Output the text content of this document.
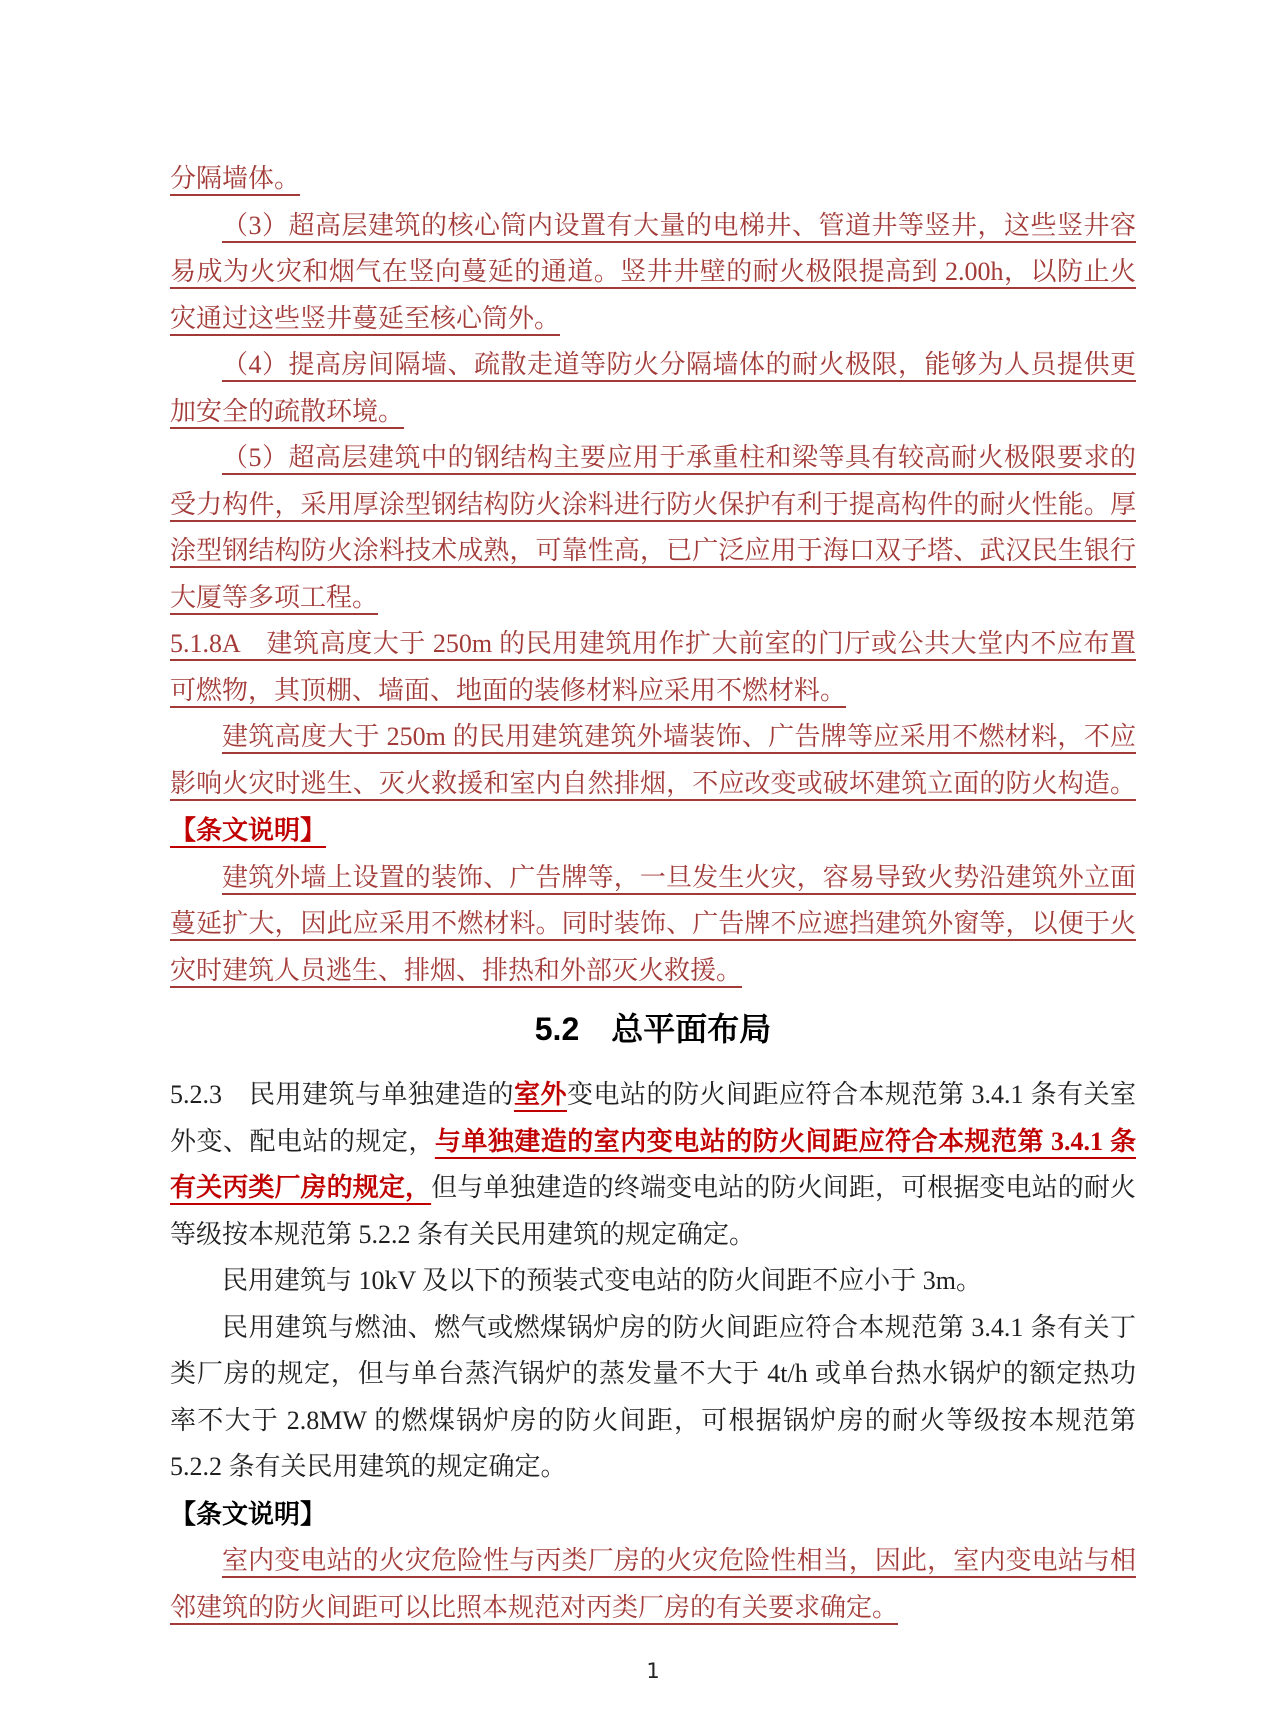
分隔墙体。
（3）超高层建筑的核心筒内设置有大量的电梯井、管道井等竖井，这些竖井容
易成为火灾和烟气在竖向蔓延的通道。竖井井壁的耐火极限提高到 2.00h，以防止火
灾通过这些竖井蔓延至核心筒外。
（4）提高房间隔墙、疏散走道等防火分隔墙体的耐火极限，能够为人员提供更
加安全的疏散环境。
（5）超高层建筑中的钢结构主要应用于承重柱和梁等具有较高耐火极限要求的
受力构件，采用厚涂型钢结构防火涂料进行防火保护有利于提高构件的耐火性能。厚
涂型钢结构防火涂料技术成熟，可靠性高，已广泛应用于海口双子塔、武汉民生银行
大厦等多项工程。
5.1.8A　建筑高度大于 250m 的民用建筑用作扩大前室的门厅或公共大堂内不应布置
可燃物，其顶棚、墙面、地面的装修材料应采用不燃材料。
建筑高度大于 250m 的民用建筑建筑外墙装饰、广告牌等应采用不燃材料，不应
影响火灾时逃生、灭火救援和室内自然排烟，不应改变或破坏建筑立面的防火构造。
【条文说明】
建筑外墙上设置的装饰、广告牌等，一旦发生火灾，容易导致火势沿建筑外立面
蔓延扩大，因此应采用不燃材料。同时装饰、广告牌不应遮挡建筑外窗等，以便于火
灾时建筑人员逃生、排烟、排热和外部灭火救援。
5.2　总平面布局
5.2.3　民用建筑与单独建造的室外变电站的防火间距应符合本规范第 3.4.1 条有关室
外变、配电站的规定，与单独建造的室内变电站的防火间距应符合本规范第 3.4.1 条
有关丙类厂房的规定，但与单独建造的终端变电站的防火间距，可根据变电站的耐火
等级按本规范第 5.2.2 条有关民用建筑的规定确定。
民用建筑与 10kV 及以下的预装式变电站的防火间距不应小于 3m。
民用建筑与燃油、燃气或燃煤锅炉房的防火间距应符合本规范第 3.4.1 条有关丁
类厂房的规定，但与单台蒸汽锅炉的蒸发量不大于 4t/h 或单台热水锅炉的额定热功
率不大于 2.8MW 的燃煤锅炉房的防火间距，可根据锅炉房的耐火等级按本规范第
5.2.2 条有关民用建筑的规定确定。
【条文说明】
室内变电站的火灾危险性与丙类厂房的火灾危险性相当，因此，室内变电站与相
邻建筑的防火间距可以比照本规范对丙类厂房的有关要求确定。
1
